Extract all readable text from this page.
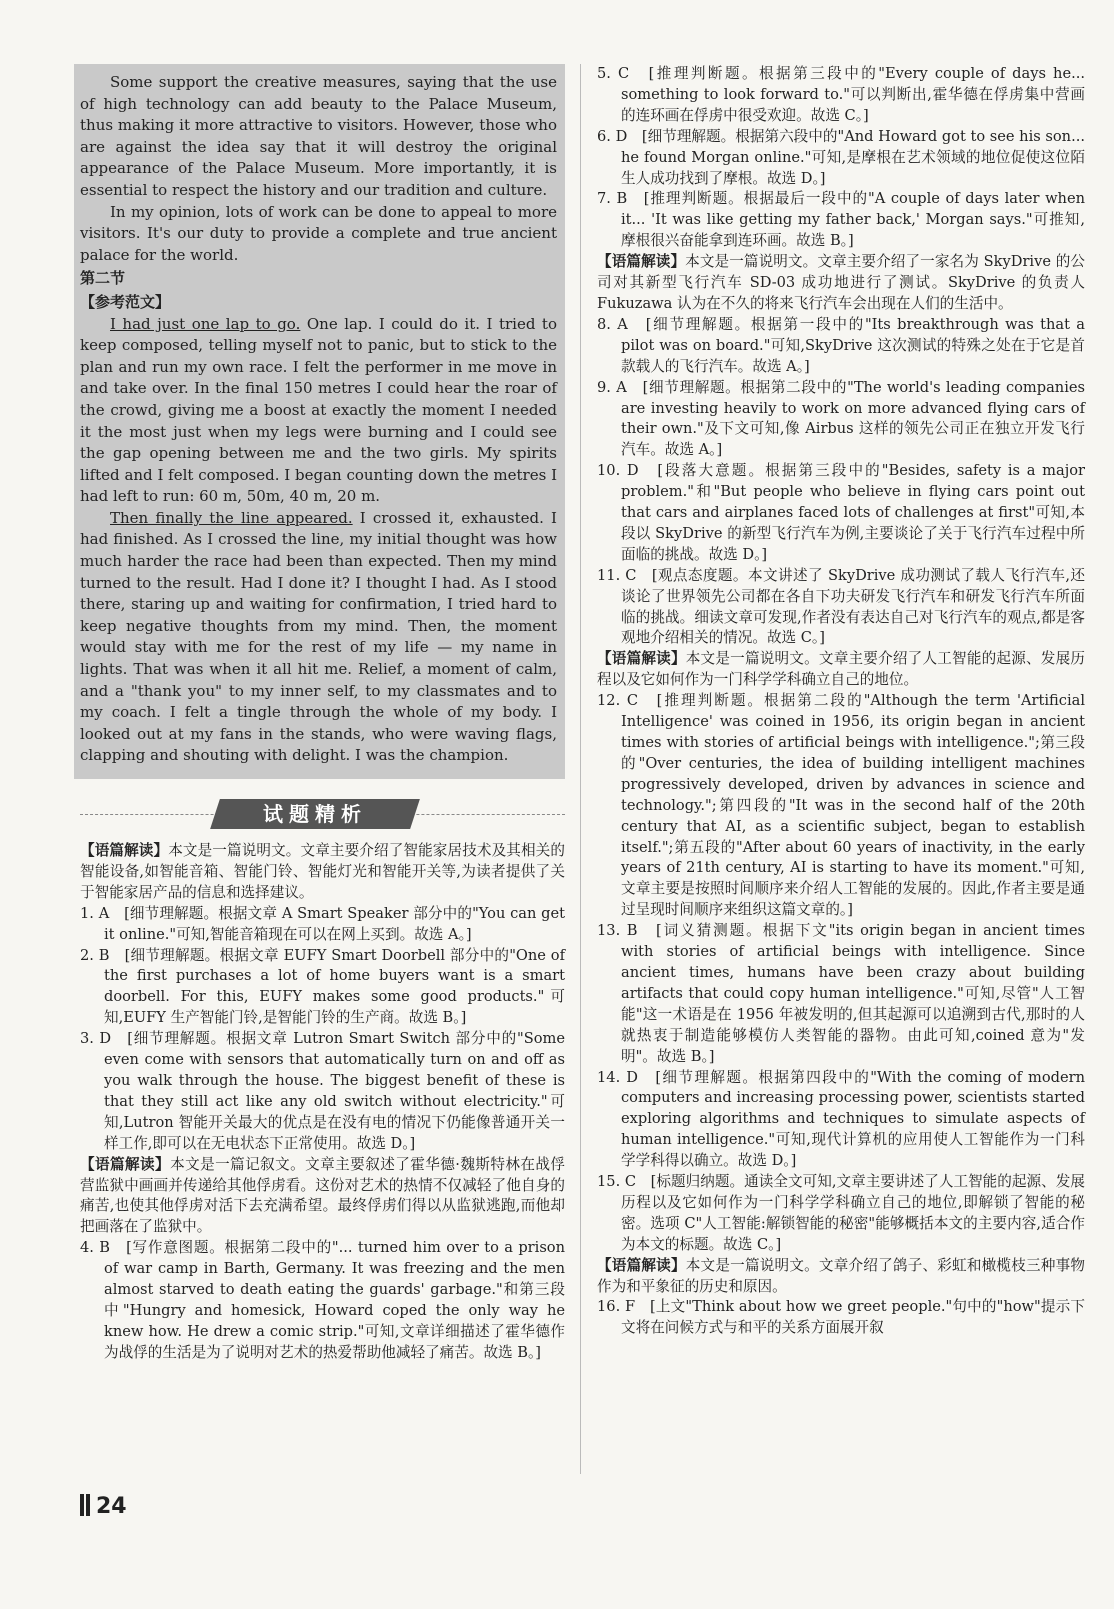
Some support the creative measures, saying that the use of high technology can add beauty to the Palace Museum, thus making it more attractive to visitors. However, those who are against the idea say that it will destroy the original appearance of the Palace Museum. More importantly, it is essential to respect the history and our tradition and culture.

In my opinion, lots of work can be done to appeal to more visitors. It's our duty to provide a complete and true ancient palace for the world.

第二节
【参考范文】

I had just one lap to go. One lap. I could do it. I tried to keep composed, telling myself not to panic, but to stick to the plan and run my own race. I felt the performer in me move in and take over. In the final 150 metres I could hear the roar of the crowd, giving me a boost at exactly the moment I needed it the most just when my legs were burning and I could see the gap opening between me and the two girls. My spirits lifted and I felt composed. I began counting down the metres I had left to run: 60 m, 50m, 40 m, 20 m.

Then finally the line appeared. I crossed it, exhausted. I had finished. As I crossed the line, my initial thought was how much harder the race had been than expected. Then my mind turned to the result. Had I done it? I thought I had. As I stood there, staring up and waiting for confirmation, I tried hard to keep negative thoughts from my mind. Then, the moment would stay with me for the rest of my life — my name in lights. That was when it all hit me. Relief, a moment of calm, and a "thank you" to my inner self, to my classmates and to my coach. I felt a tingle through the whole of my body. I looked out at my fans in the stands, who were waving flags, clapping and shouting with delight. I was the champion.

试题精析

【语篇解读】本文是一篇说明文。文章主要介绍了智能家居技术及其相关的智能设备,如智能音箱、智能门铃、智能灯光和智能开关等,为读者提供了关于智能家居产品的信息和选择建议。

1. A　[细节理解题。根据文章 A Smart Speaker 部分中的"You can get it online."可知,智能音箱现在可以在网上买到。故选 A。]

2. B　[细节理解题。根据文章 EUFY Smart Doorbell 部分中的"One of the first purchases a lot of home buyers want is a smart doorbell. For this, EUFY makes some good products."可知,EUFY 生产智能门铃,是智能门铃的生产商。故选 B。]

3. D　[细节理解题。根据文章 Lutron Smart Switch 部分中的"Some even come with sensors that automatically turn on and off as you walk through the house. The biggest benefit of these is that they still act like any old switch without electricity."可知,Lutron 智能开关最大的优点是在没有电的情况下仍能像普通开关一样工作,即可以在无电状态下正常使用。故选 D。]

【语篇解读】本文是一篇记叙文。文章主要叙述了霍华德·魏斯特林在战俘营监狱中画画并传递给其他俘虏看。这份对艺术的热情不仅减轻了他自身的痛苦,也使其他俘虏对活下去充满希望。最终俘虏们得以从监狱逃跑,而他却把画落在了监狱中。

4. B　[写作意图题。根据第二段中的"... turned him over to a prison of war camp in Barth, Germany. It was freezing and the men almost starved to death eating the guards' garbage."和第三段中"Hungry and homesick, Howard coped the only way he knew how. He drew a comic strip."可知,文章详细描述了霍华德作为战俘的生活是为了说明对艺术的热爱帮助他减轻了痛苦。故选 B。]

5. C　[推理判断题。根据第三段中的"Every couple of days he... something to look forward to."可以判断出,霍华德在俘虏集中营画的连环画在俘虏中很受欢迎。故选 C。]

6. D　[细节理解题。根据第六段中的"And Howard got to see his son... he found Morgan online."可知,是摩根在艺术领域的地位促使这位陌生人成功找到了摩根。故选 D。]

7. B　[推理判断题。根据最后一段中的"A couple of days later when it... 'It was like getting my father back,' Morgan says."可推知,摩根很兴奋能拿到连环画。故选 B。]

【语篇解读】本文是一篇说明文。文章主要介绍了一家名为 SkyDrive 的公司对其新型飞行汽车 SD-03 成功地进行了测试。SkyDrive 的负责人 Fukuzawa 认为在不久的将来飞行汽车会出现在人们的生活中。

8. A　[细节理解题。根据第一段中的"Its breakthrough was that a pilot was on board."可知,SkyDrive 这次测试的特殊之处在于它是首款载人的飞行汽车。故选 A。]

9. A　[细节理解题。根据第二段中的"The world's leading companies are investing heavily to work on more advanced flying cars of their own."及下文可知,像 Airbus 这样的领先公司正在独立开发飞行汽车。故选 A。]

10. D　[段落大意题。根据第三段中的"Besides, safety is a major problem."和"But people who believe in flying cars point out that cars and airplanes faced lots of challenges at first"可知,本段以 SkyDrive 的新型飞行汽车为例,主要谈论了关于飞行汽车过程中所面临的挑战。故选 D。]

11. C　[观点态度题。本文讲述了 SkyDrive 成功测试了载人飞行汽车,还谈论了世界领先公司都在各自下功夫研发飞行汽车和研发飞行汽车所面临的挑战。细读文章可发现,作者没有表达自己对飞行汽车的观点,都是客观地介绍相关的情况。故选 C。]

【语篇解读】本文是一篇说明文。文章主要介绍了人工智能的起源、发展历程以及它如何作为一门科学学科确立自己的地位。

12. C　[推理判断题。根据第二段的"Although the term 'Artificial Intelligence' was coined in 1956, its origin began in ancient times with stories of artificial beings with intelligence.";第三段的"Over centuries, the idea of building intelligent machines progressively developed, driven by advances in science and technology.";第四段的"It was in the second half of the 20th century that AI, as a scientific subject, began to establish itself.";第五段的"After about 60 years of inactivity, in the early years of 21th century, AI is starting to have its moment."可知,文章主要是按照时间顺序来介绍人工智能的发展的。因此,作者主要是通过呈现时间顺序来组织这篇文章的。]

13. B　[词义猜测题。根据下文"its origin began in ancient times with stories of artificial beings with intelligence. Since ancient times, humans have been crazy about building artifacts that could copy human intelligence."可知,尽管"人工智能"这一术语是在 1956 年被发明的,但其起源可以追溯到古代,那时的人就热衷于制造能够模仿人类智能的器物。由此可知,coined 意为"发明"。故选 B。]

14. D　[细节理解题。根据第四段中的"With the coming of modern computers and increasing processing power, scientists started exploring algorithms and techniques to simulate aspects of human intelligence."可知,现代计算机的应用使人工智能作为一门科学学科得以确立。故选 D。]

15. C　[标题归纳题。通读全文可知,文章主要讲述了人工智能的起源、发展历程以及它如何作为一门科学学科确立自己的地位,即解锁了智能的秘密。选项 C"人工智能:解锁智能的秘密"能够概括本文的主要内容,适合作为本文的标题。故选 C。]

【语篇解读】本文是一篇说明文。文章介绍了鸽子、彩虹和橄榄枝三种事物作为和平象征的历史和原因。

16. F　[上文"Think about how we greet people."句中的"how"提示下文将在问候方式与和平的关系方面展开叙

24
